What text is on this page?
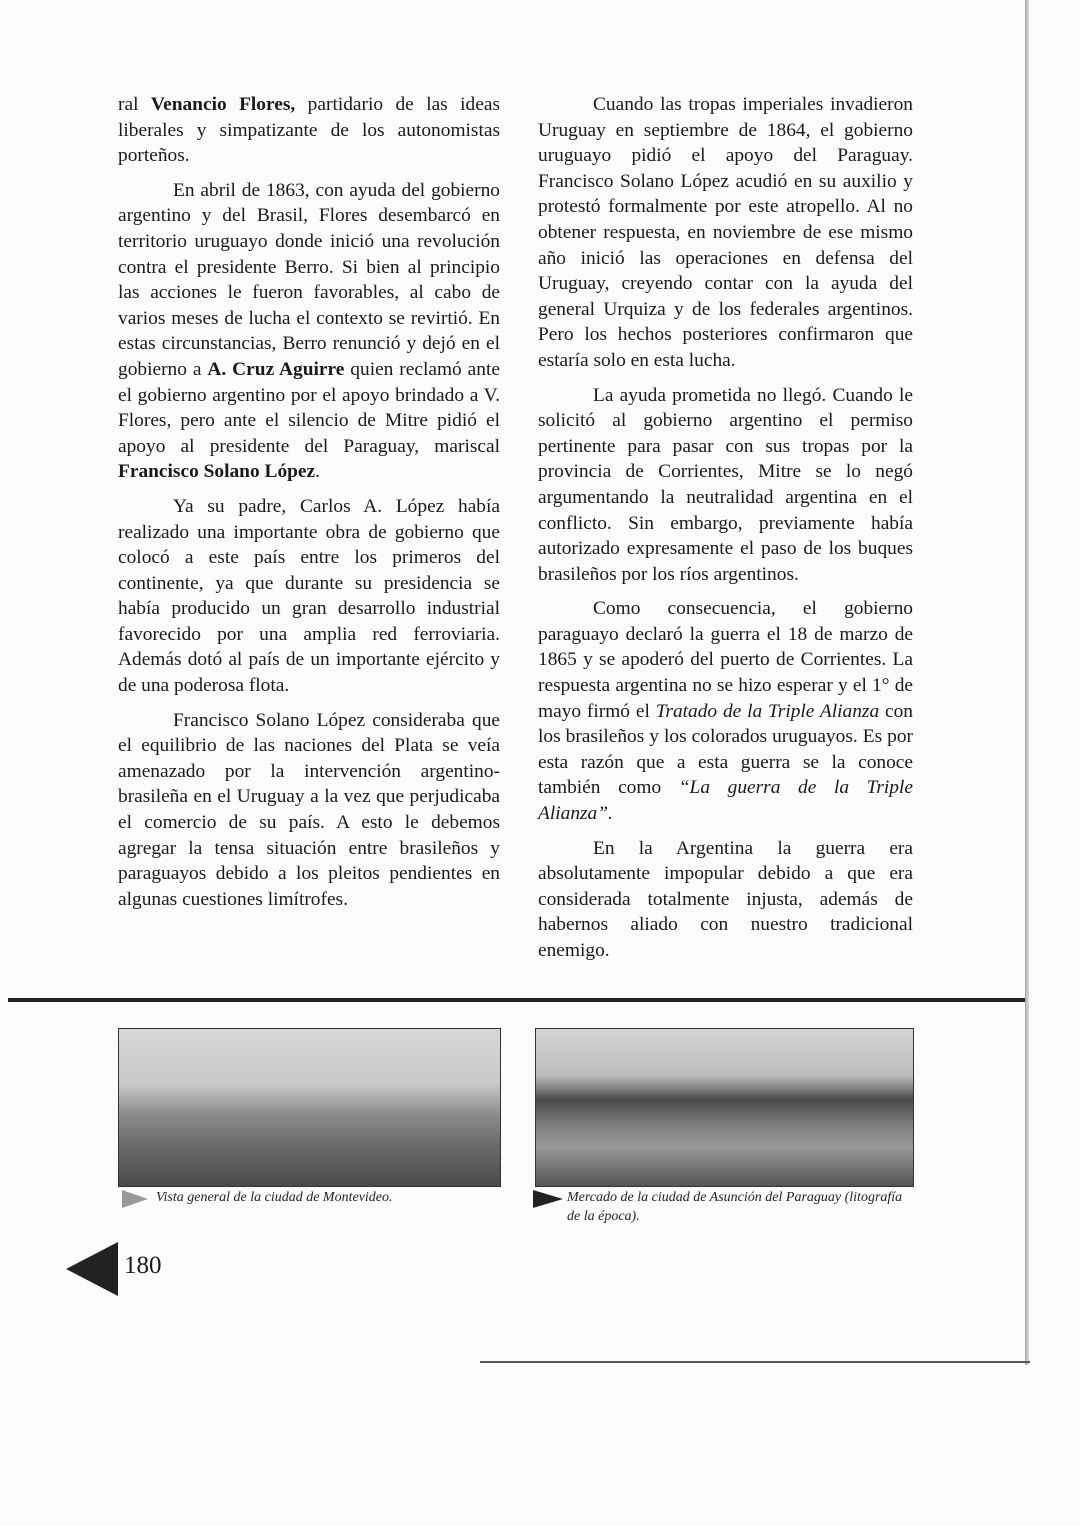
ral Venancio Flores, partidario de las ideas liberales y simpatizante de los autonomistas porteños.

En abril de 1863, con ayuda del gobierno argentino y del Brasil, Flores desembarcó en territorio uruguayo donde inició una revolución contra el presidente Berro. Si bien al principio las acciones le fueron favorables, al cabo de varios meses de lucha el contexto se revirtió. En estas circunstancias, Berro renunció y dejó en el gobierno a A. Cruz Aguirre quien reclamó ante el gobierno argentino por el apoyo brindado a V. Flores, pero ante el silencio de Mitre pidió el apoyo al presidente del Paraguay, mariscal Francisco Solano López.

Ya su padre, Carlos A. López había realizado una importante obra de gobierno que colocó a este país entre los primeros del continente, ya que durante su presidencia se había producido un gran desarrollo industrial favorecido por una amplia red ferroviaria. Además dotó al país de un importante ejército y de una poderosa flota.

Francisco Solano López consideraba que el equilibrio de las naciones del Plata se veía amenazado por la intervención argentino-brasileña en el Uruguay a la vez que perjudicaba el comercio de su país. A esto le debemos agregar la tensa situación entre brasileños y paraguayos debido a los pleitos pendientes en algunas cuestiones limítrofes.

Cuando las tropas imperiales invadieron Uruguay en septiembre de 1864, el gobierno uruguayo pidió el apoyo del Paraguay. Francisco Solano López acudió en su auxilio y protestó formalmente por este atropello. Al no obtener respuesta, en noviembre de ese mismo año inició las operaciones en defensa del Uruguay, creyendo contar con la ayuda del general Urquiza y de los federales argentinos. Pero los hechos posteriores confirmaron que estaría solo en esta lucha.

La ayuda prometida no llegó. Cuando le solicitó al gobierno argentino el permiso pertinente para pasar con sus tropas por la provincia de Corrientes, Mitre se lo negó argumentando la neutralidad argentina en el conflicto. Sin embargo, previamente había autorizado expresamente el paso de los buques brasileños por los ríos argentinos.

Como consecuencia, el gobierno paraguayo declaró la guerra el 18 de marzo de 1865 y se apoderó del puerto de Corrientes. La respuesta argentina no se hizo esperar y el 1° de mayo firmó el Tratado de la Triple Alianza con los brasileños y los colorados uruguayos. Es por esta razón que a esta guerra se la conoce también como “La guerra de la Triple Alianza”.

En la Argentina la guerra era absolutamente impopular debido a que era considerada totalmente injusta, además de habernos aliado con nuestro tradicional enemigo.

Vista general de la ciudad de Montevideo.	Mercado de la ciudad de Asunción del Paraguay (litografía de la época).
180
